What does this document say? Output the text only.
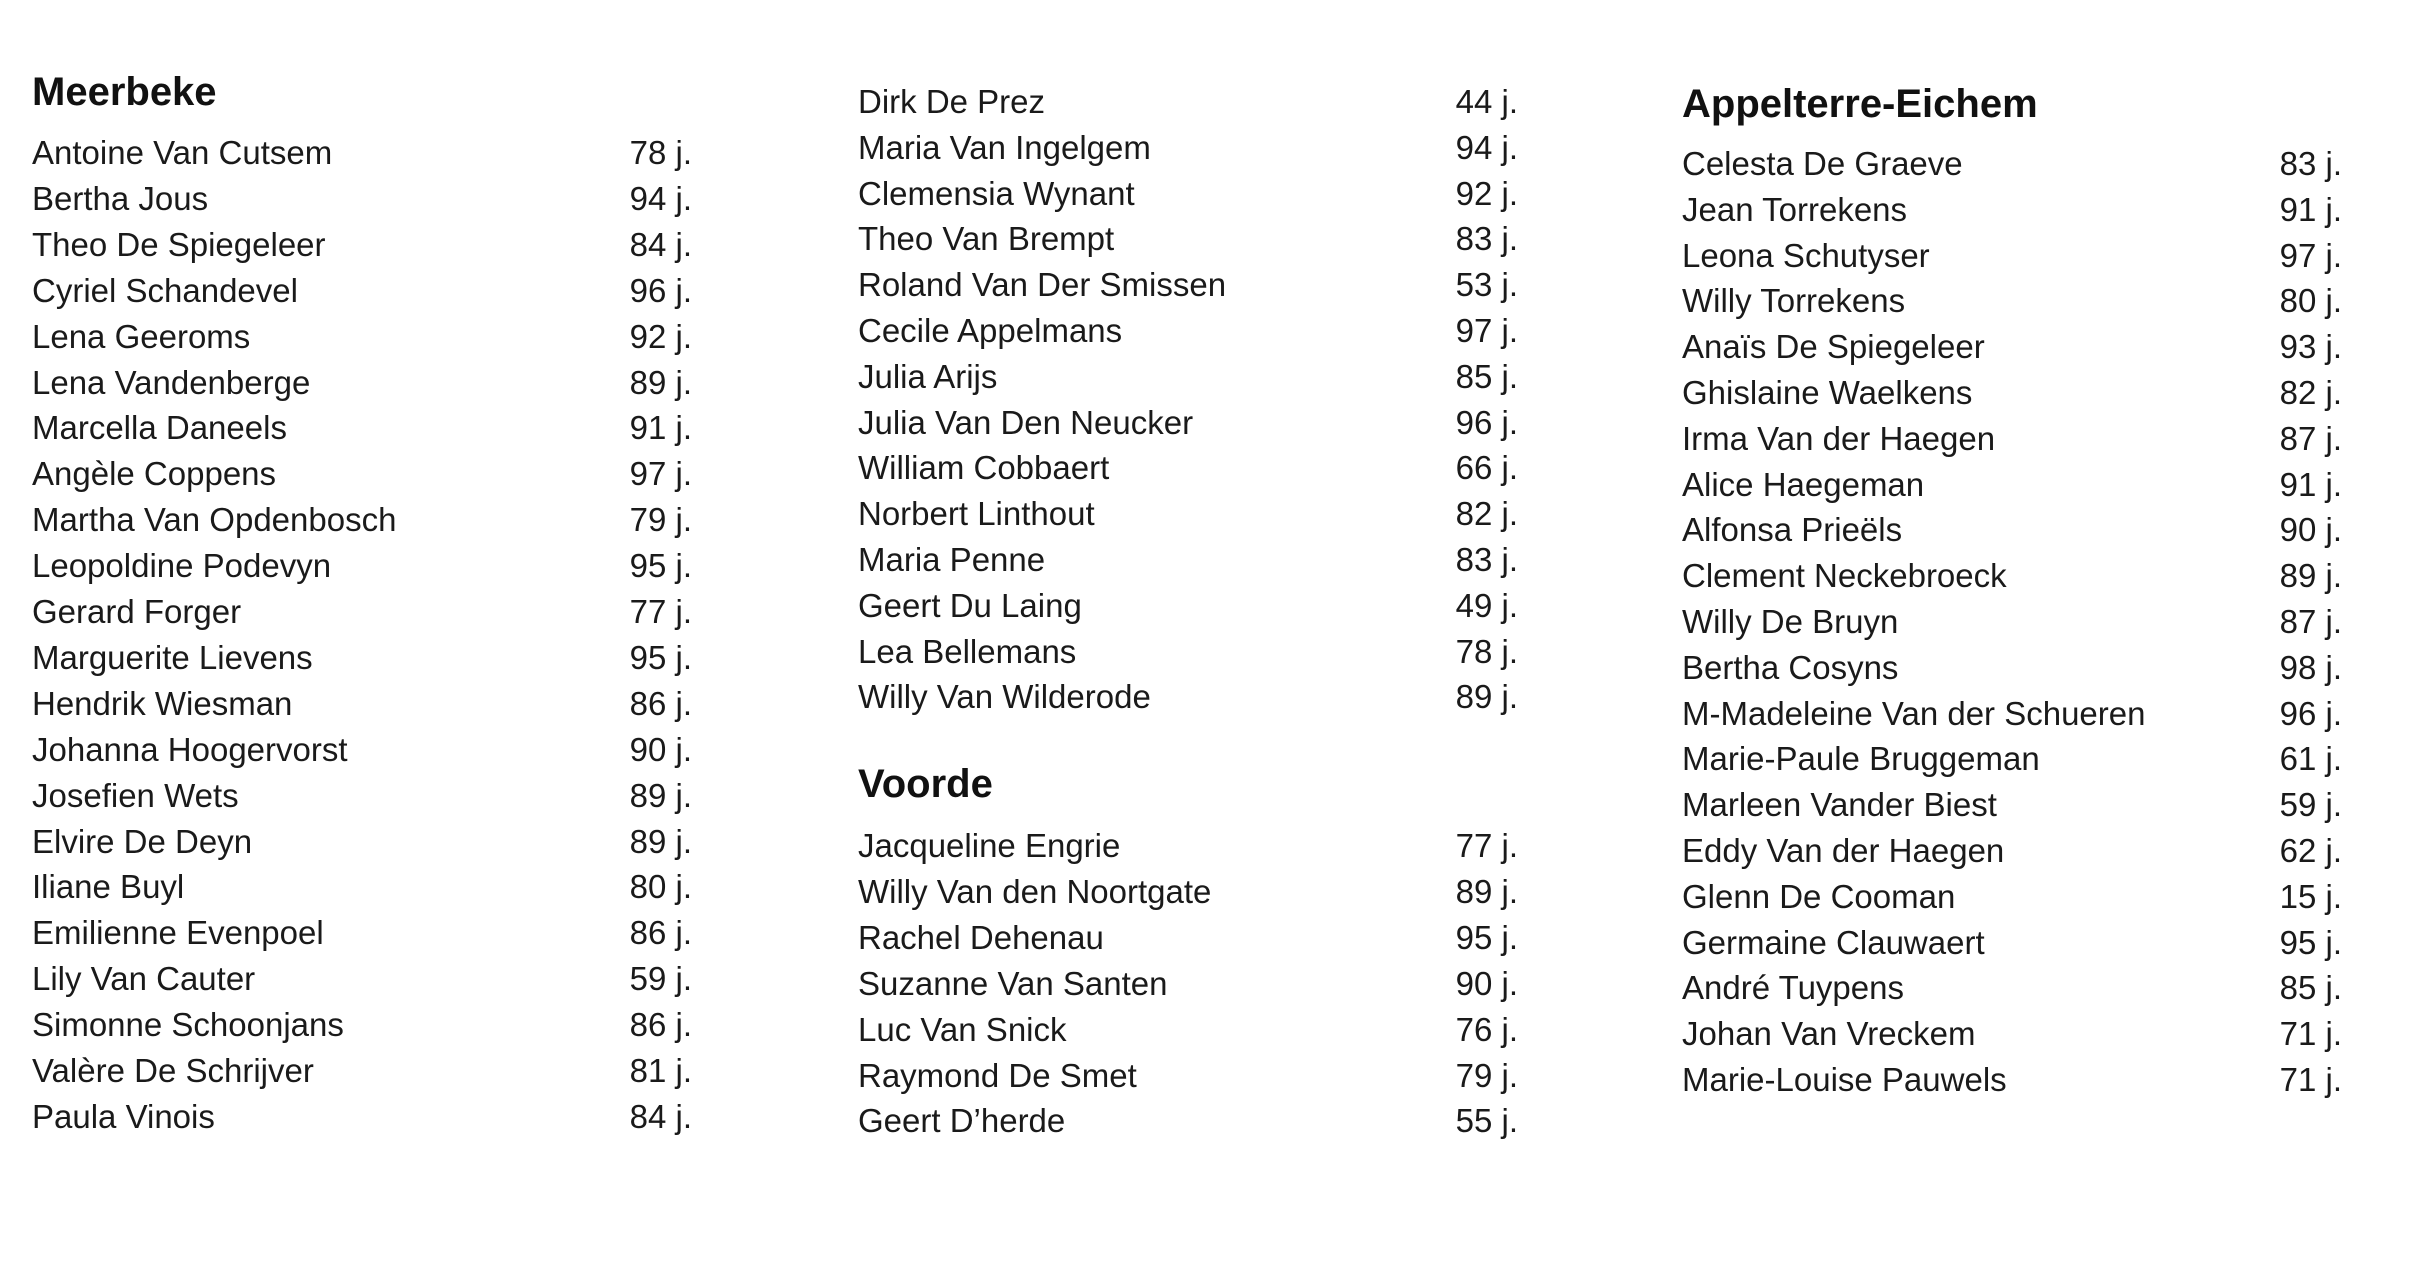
Meerbeke
Antoine Van Cutsem	78 j.
Bertha Jous	94 j.
Theo De Spiegeleer	84 j.
Cyriel Schandevel	96 j.
Lena Geeroms	92 j.
Lena Vandenberge	89 j.
Marcella Daneels	91 j.
Angèle Coppens	97 j.
Martha Van Opdenbosch	79 j.
Leopoldine Podevyn	95 j.
Gerard Forger	77 j.
Marguerite Lievens	95 j.
Hendrik Wiesman	86 j.
Johanna Hoogervorst	90 j.
Josefien Wets	89 j.
Elvire De Deyn	89 j.
Iliane Buyl	80 j.
Emilienne Evenpoel	86 j.
Lily Van Cauter	59 j.
Simonne Schoonjans	86 j.
Valère De Schrijver	81 j.
Paula Vinois	84 j.
Dirk De Prez	44 j.
Maria Van Ingelgem	94 j.
Clemensia Wynant	92 j.
Theo Van Brempt	83 j.
Roland Van Der Smissen	53 j.
Cecile Appelmans	97 j.
Julia Arijs	85 j.
Julia Van Den Neucker	96 j.
William Cobbaert	66 j.
Norbert Linthout	82 j.
Maria Penne	83 j.
Geert Du Laing	49 j.
Lea Bellemans	78 j.
Willy Van Wilderode	89 j.
Voorde
Jacqueline Engrie	77 j.
Willy Van den Noortgate	89 j.
Rachel Dehenau	95 j.
Suzanne Van Santen	90 j.
Luc Van Snick	76 j.
Raymond De Smet	79 j.
Geert D’herde	55 j.
Appelterre-Eichem
Celesta De Graeve	83 j.
Jean Torrekens	91 j.
Leona Schutyser	97 j.
Willy Torrekens	80 j.
Anaïs De Spiegeleer	93 j.
Ghislaine Waelkens	82 j.
Irma Van der Haegen	87 j.
Alice Haegeman	91 j.
Alfonsa Prieëls	90 j.
Clement Neckebroeck	89 j.
Willy De Bruyn	87 j.
Bertha Cosyns	98 j.
M-Madeleine Van der Schueren	96 j.
Marie-Paule Bruggeman	61 j.
Marleen Vander Biest	59 j.
Eddy Van der Haegen	62 j.
Glenn De Cooman	15 j.
Germaine Clauwaert	95 j.
André Tuypens	85 j.
Johan Van Vreckem	71 j.
Marie-Louise Pauwels	71 j.
